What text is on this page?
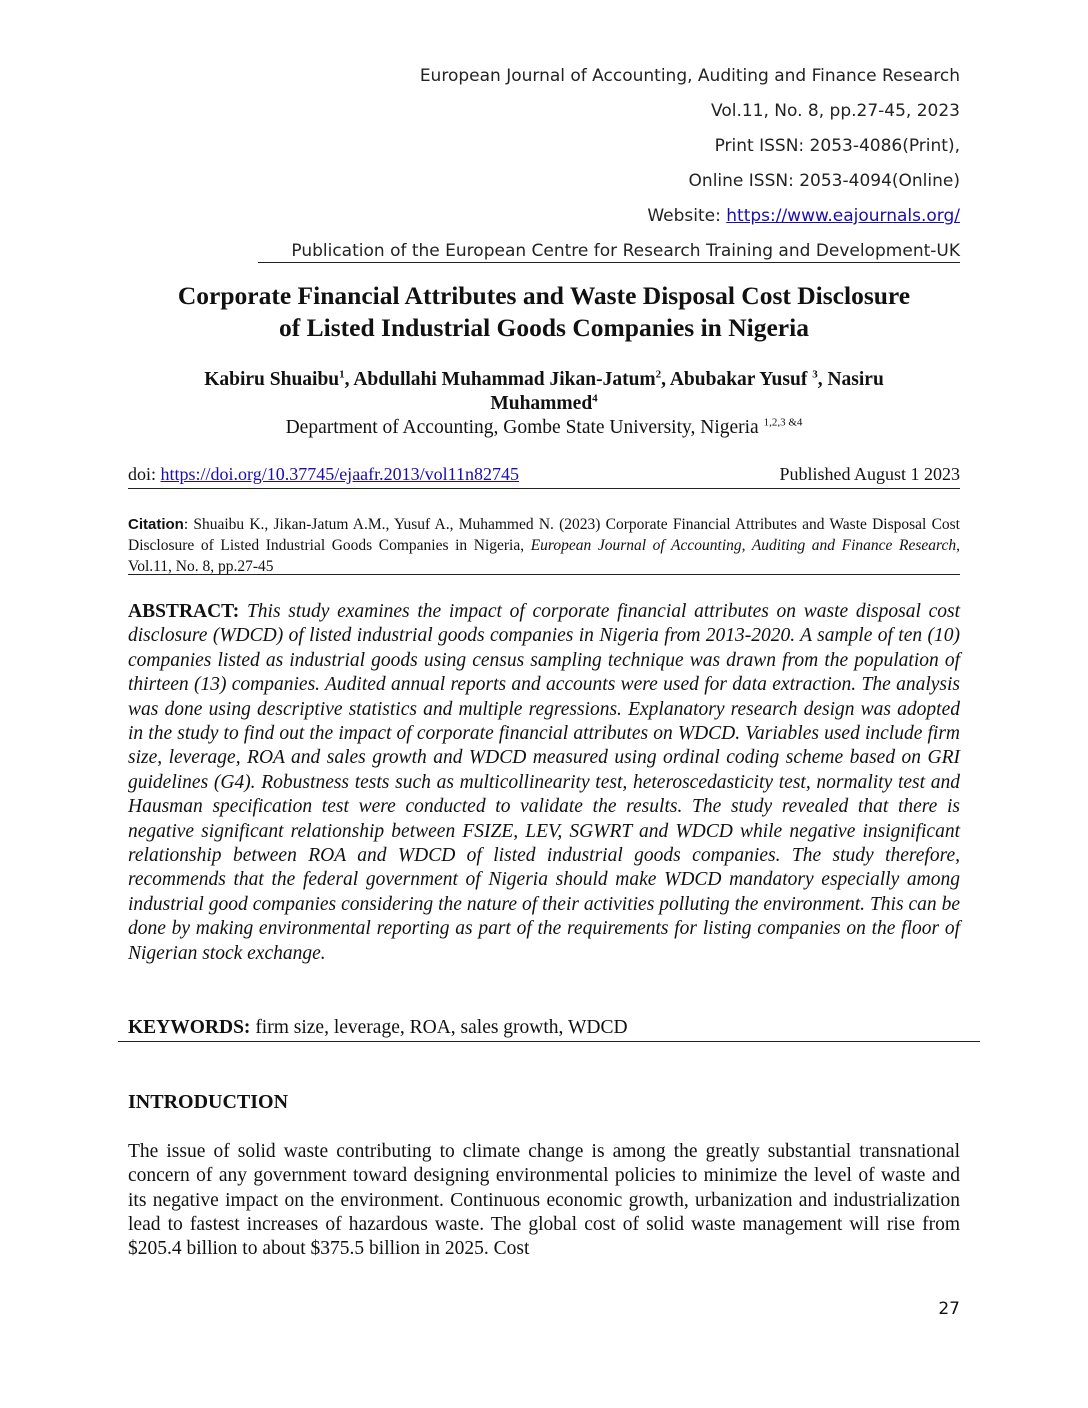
European Journal of Accounting, Auditing and Finance Research
Vol.11, No. 8, pp.27-45, 2023
Print ISSN: 2053-4086(Print),
Online ISSN: 2053-4094(Online)
Website: https://www.eajournals.org/
Publication of the European Centre for Research Training and Development-UK
Corporate Financial Attributes and Waste Disposal Cost Disclosure
of Listed Industrial Goods Companies in Nigeria
Kabiru Shuaibu$^1$, Abdullahi Muhammad Jikan-Jatum$^2$, Abubakar Yusuf $^3$, Nasiru
Muhammed$^4$
Department of Accounting, Gombe State University, Nigeria $^{1,2,3 \&4}$
doi: https://doi.org/10.37745/ejaafr.2013/vol11n82745	Published August 1 2023
Citation: Shuaibu K., Jikan-Jatum A.M., Yusuf A., Muhammed N. (2023) Corporate Financial Attributes and Waste Disposal Cost Disclosure of Listed Industrial Goods Companies in Nigeria, European Journal of Accounting, Auditing and Finance Research, Vol.11, No. 8, pp.27-45
ABSTRACT: This study examines the impact of corporate financial attributes on waste disposal cost disclosure (WDCD) of listed industrial goods companies in Nigeria from 2013-2020. A sample of ten (10) companies listed as industrial goods using census sampling technique was drawn from the population of thirteen (13) companies. Audited annual reports and accounts were used for data extraction. The analysis was done using descriptive statistics and multiple regressions. Explanatory research design was adopted in the study to find out the impact of corporate financial attributes on WDCD. Variables used include firm size, leverage, ROA and sales growth and WDCD measured using ordinal coding scheme based on GRI guidelines (G4). Robustness tests such as multicollinearity test, heteroscedasticity test, normality test and Hausman specification test were conducted to validate the results. The study revealed that there is negative significant relationship between FSIZE, LEV, SGWRT and WDCD while negative insignificant relationship between ROA and WDCD of listed industrial goods companies. The study therefore, recommends that the federal government of Nigeria should make WDCD mandatory especially among industrial good companies considering the nature of their activities polluting the environment. This can be done by making environmental reporting as part of the requirements for listing companies on the floor of Nigerian stock exchange.
KEYWORDS: firm size, leverage, ROA, sales growth, WDCD
INTRODUCTION
The issue of solid waste contributing to climate change is among the greatly substantial transnational concern of any government toward designing environmental policies to minimize the level of waste and its negative impact on the environment. Continuous economic growth, urbanization and industrialization lead to fastest increases of hazardous waste. The global cost of solid waste management will rise from $205.4 billion to about $375.5 billion in 2025. Cost
27
